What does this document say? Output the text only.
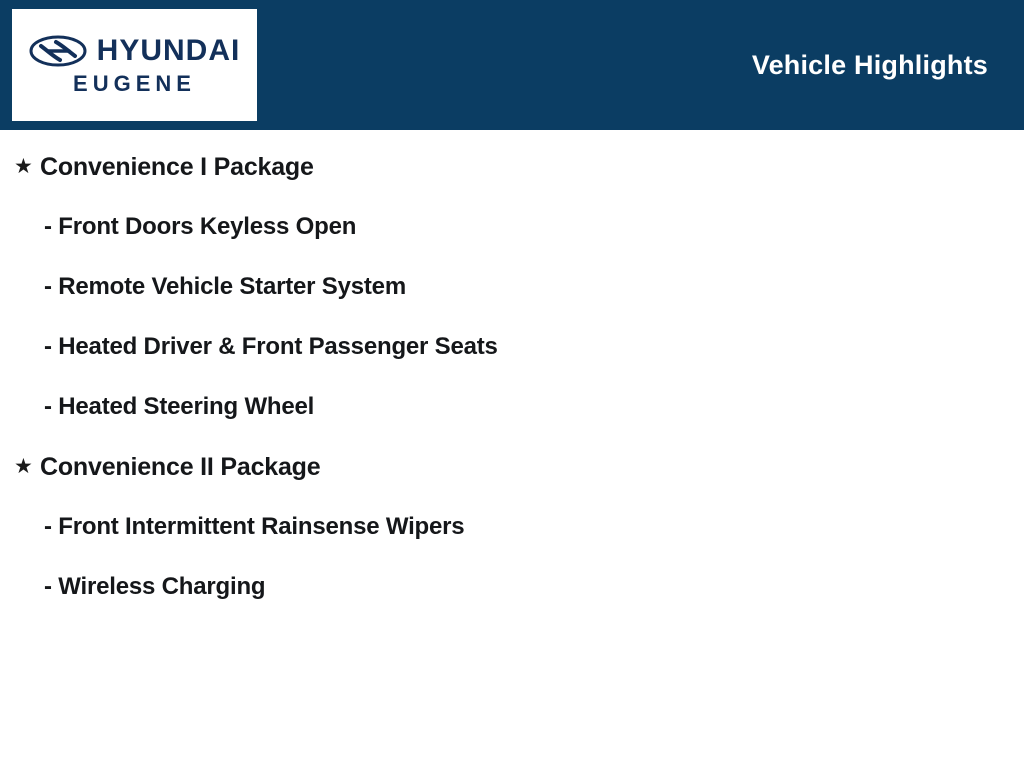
HYUNDAI
EUGENE
Vehicle Highlights
★ Convenience I Package
- Front Doors Keyless Open
- Remote Vehicle Starter System
- Heated Driver & Front Passenger Seats
- Heated Steering Wheel
★ Convenience II Package
- Front Intermittent Rainsense Wipers
- Wireless Charging
